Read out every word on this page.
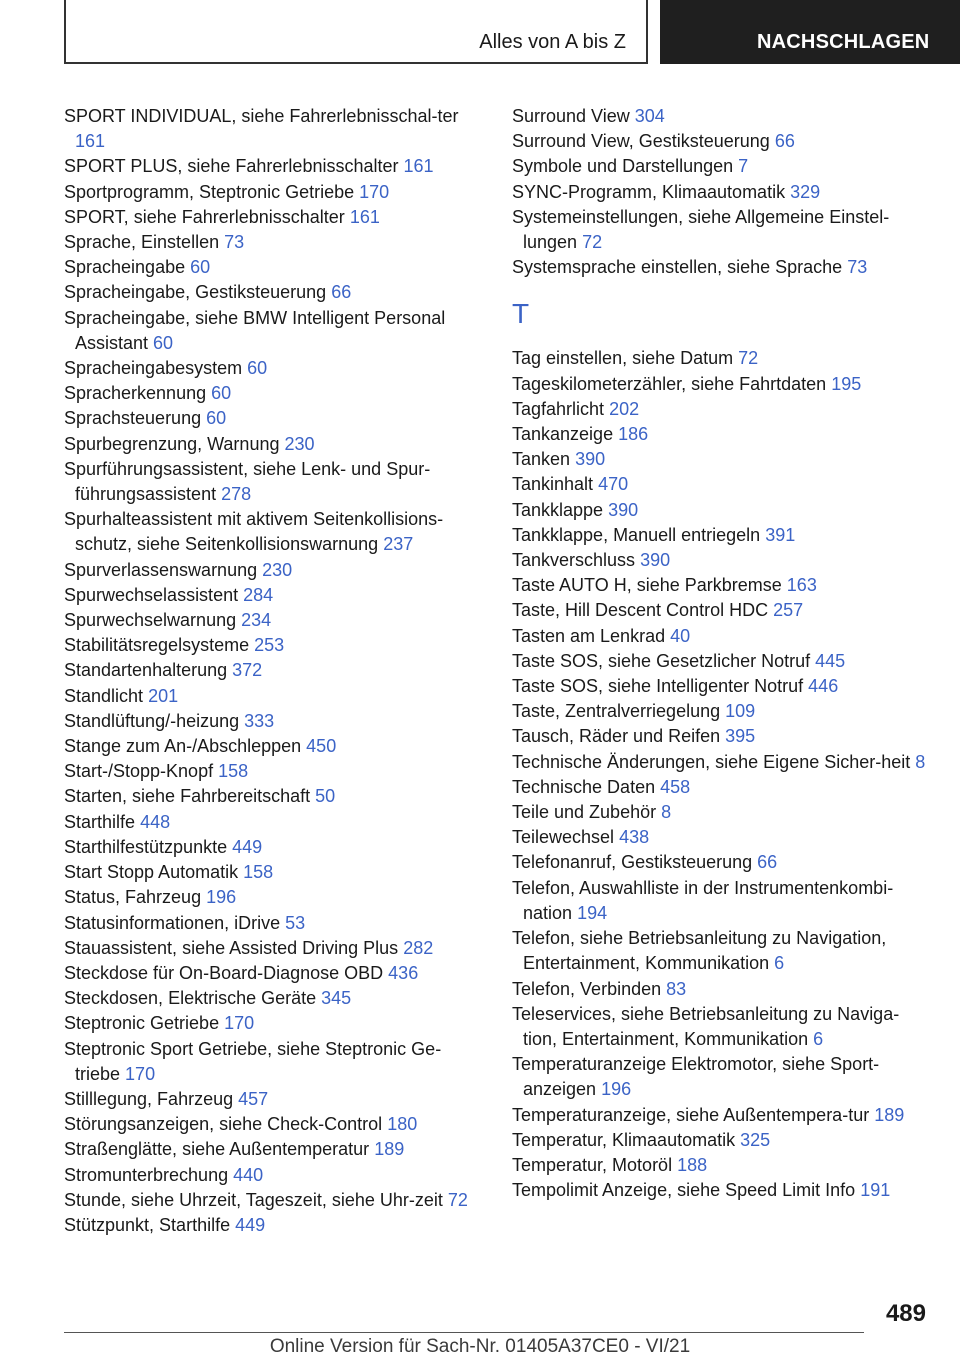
Alles von A bis Z	NACHSCHLAGEN
SPORT INDIVIDUAL, siehe Fahrerlebnisschal-ter 161
SPORT PLUS, siehe Fahrerlebnisschalter 161
Sportprogramm, Steptronic Getriebe 170
SPORT, siehe Fahrerlebnisschalter 161
Sprache, Einstellen 73
Spracheingabe 60
Spracheingabe, Gestiksteuerung 66
Spracheingabe, siehe BMW Intelligent Personal Assistant 60
Spracheingabesystem 60
Spracherkennung 60
Sprachsteuerung 60
Spurbegrenzung, Warnung 230
Spurführungsassistent, siehe Lenk- und Spur-führungsassistent 278
Spurhalteassistent mit aktivem Seitenkollisions-schutz, siehe Seitenkollisionswarnung 237
Spurverlassenswarnung 230
Spurwechselassistent 284
Spurwechselwarnung 234
Stabilitätsregelsysteme 253
Standartenhalterung 372
Standlicht 201
Standlüftung/-heizung 333
Stange zum An-/Abschleppen 450
Start-/Stopp-Knopf 158
Starten, siehe Fahrbereitschaft 50
Starthilfe 448
Starthilfestützpunkte 449
Start Stopp Automatik 158
Status, Fahrzeug 196
Statusinformationen, iDrive 53
Stauassistent, siehe Assisted Driving Plus 282
Steckdose für On-Board-Diagnose OBD 436
Steckdosen, Elektrische Geräte 345
Steptronic Getriebe 170
Steptronic Sport Getriebe, siehe Steptronic Ge-triebe 170
Stilllegung, Fahrzeug 457
Störungsanzeigen, siehe Check-Control 180
Straßenglätte, siehe Außentemperatur 189
Stromunterbrechung 440
Stunde, siehe Uhrzeit, Tageszeit, siehe Uhr-zeit 72
Stützpunkt, Starthilfe 449
Surround View 304
Surround View, Gestiksteuerung 66
Symbole und Darstellungen 7
SYNC-Programm, Klimaautomatik 329
Systemeinstellungen, siehe Allgemeine Einstel-lungen 72
Systemsprache einstellen, siehe Sprache 73
T
Tag einstellen, siehe Datum 72
Tageskilometerzähler, siehe Fahrtdaten 195
Tagfahrlicht 202
Tankanzeige 186
Tanken 390
Tankinhalt 470
Tankklappe 390
Tankklappe, Manuell entriegeln 391
Tankverschluss 390
Taste AUTO H, siehe Parkbremse 163
Taste, Hill Descent Control HDC 257
Tasten am Lenkrad 40
Taste SOS, siehe Gesetzlicher Notruf 445
Taste SOS, siehe Intelligenter Notruf 446
Taste, Zentralverriegelung 109
Tausch, Räder und Reifen 395
Technische Änderungen, siehe Eigene Sicher-heit 8
Technische Daten 458
Teile und Zubehör 8
Teilewechsel 438
Telefonanruf, Gestiksteuerung 66
Telefon, Auswahlliste in der Instrumentenkombi-nation 194
Telefon, siehe Betriebsanleitung zu Navigation, Entertainment, Kommunikation 6
Telefon, Verbinden 83
Teleservices, siehe Betriebsanleitung zu Naviga-tion, Entertainment, Kommunikation 6
Temperaturanzeige Elektromotor, siehe Sport-anzeigen 196
Temperaturanzeige, siehe Außentempera-tur 189
Temperatur, Klimaautomatik 325
Temperatur, Motoröl 188
Tempolimit Anzeige, siehe Speed Limit Info 191
489
Online Version für Sach-Nr. 01405A37CE0 - VI/21
